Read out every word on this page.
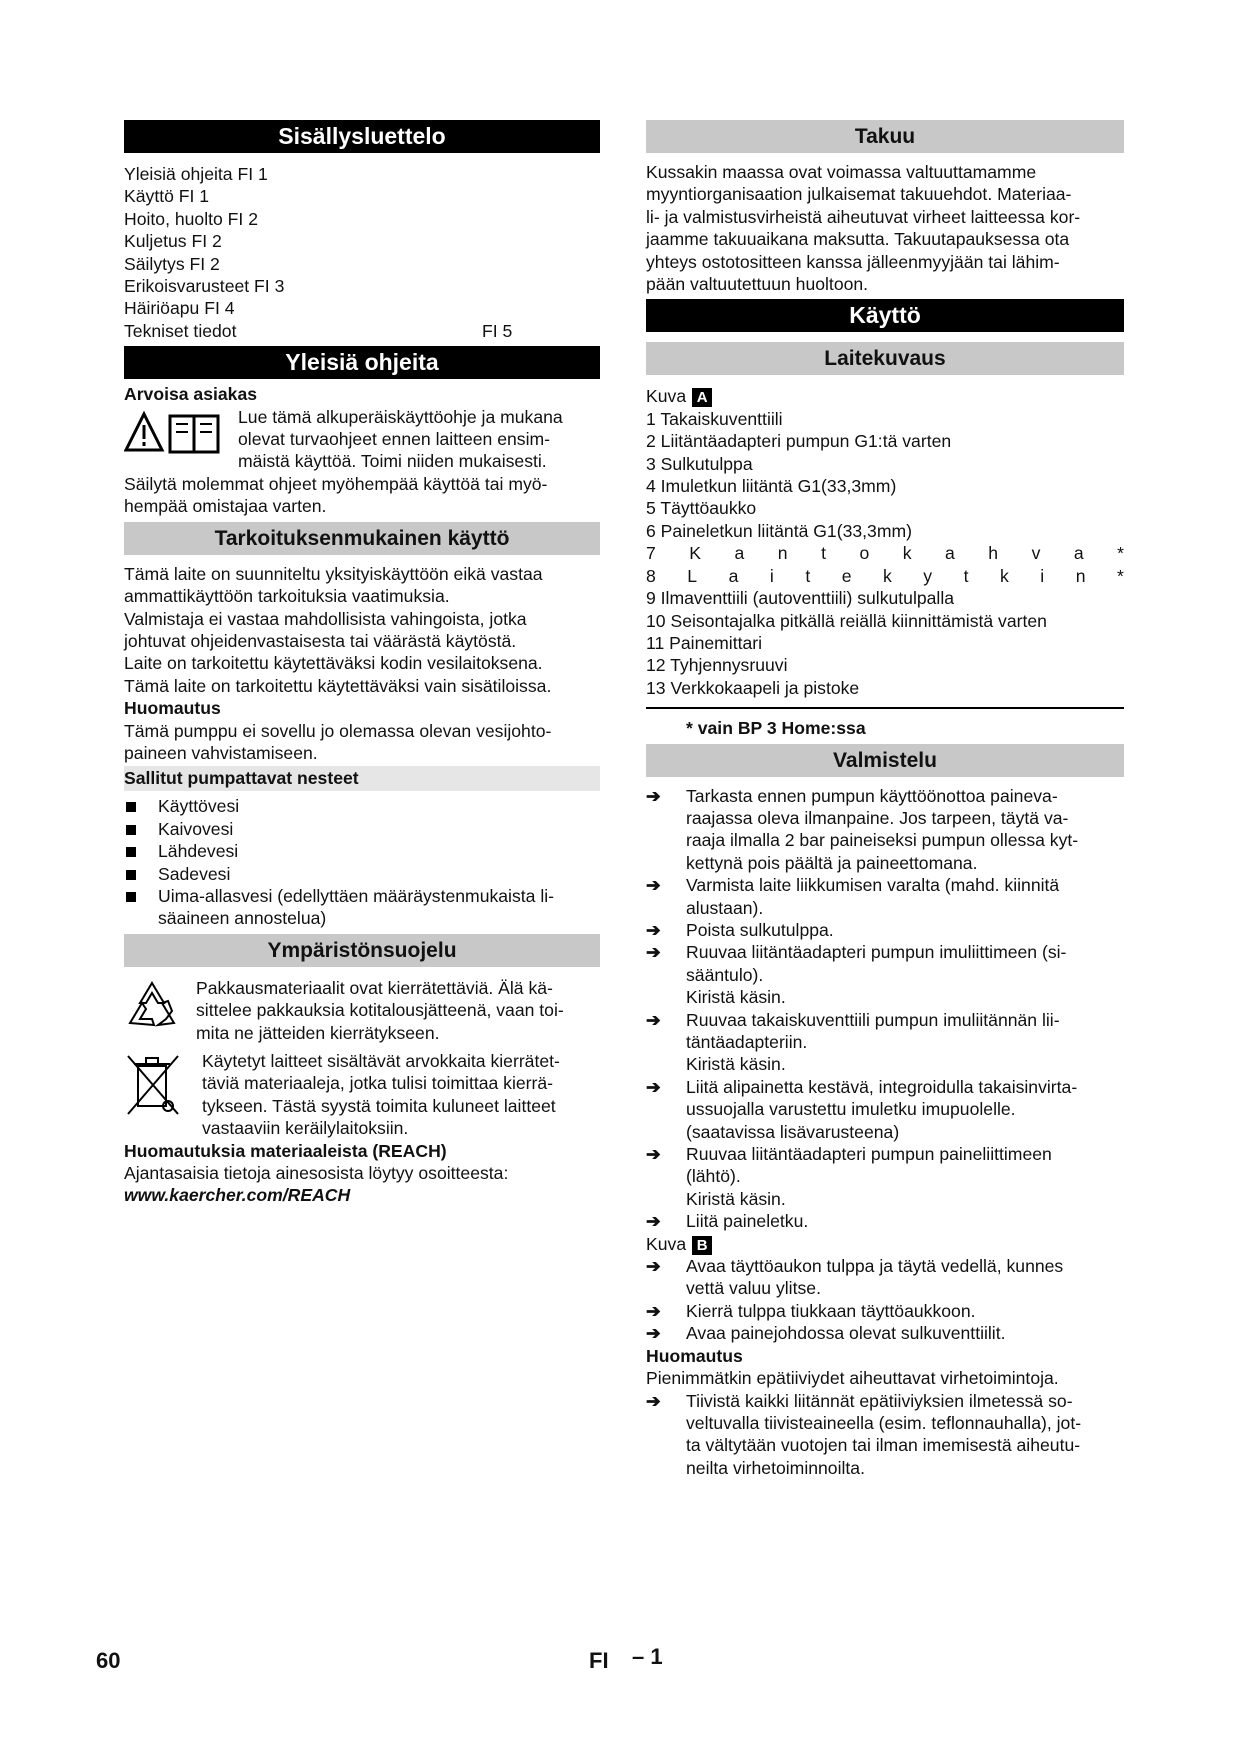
Sisällysluettelo
Yleisiä ohjeita FI 1
Käyttö FI 1
Hoito, huolto FI 2
Kuljetus FI 2
Säilytys FI 2
Erikoisvarusteet FI 3
Häiriöapu FI 4
Tekniset tiedot	FI 5
Yleisiä ohjeita

Arvoisa asiakas

Lue tämä alkuperäiskäyttöohje ja mukana

olevat turvaohjeet ennen laitteen ensim-

mäistä käyttöä. Toimi niiden mukaisesti.

Säilytä molemmat ohjeet myöhempää käyttöä tai myö-

hempää omistajaa varten.

Tarkoituksenmukainen käyttö

Tämä laite on suunniteltu yksityiskäyttöön eikä vastaa

ammattikäyttöön tarkoituksia vaatimuksia.

Valmistaja ei vastaa mahdollisista vahingoista, jotka

johtuvat ohjeidenvastaisesta tai väärästä käytöstä.

Laite on tarkoitettu käytettäväksi kodin vesilaitoksena.

Tämä laite on tarkoitettu käytettäväksi vain sisätiloissa.

Huomautus

Tämä pumppu ei sovellu jo olemassa olevan vesijohto-

paineen vahvistamiseen.

Sallitut pumpattavat nesteet
Käyttövesi
Kaivovesi
Lähdevesi
Sadevesi
Uima-allasvesi (edellyttäen määräystenmukaista li-
säaineen annostelua)
Ympäristönsuojelu

Pakkausmateriaalit ovat kierrätettäviä. Älä kä-

sittelee pakkauksia kotitalousjätteenä, vaan toi-

mita ne jätteiden kierrätykseen.

Käytetyt laitteet sisältävät arvokkaita kierrätet-

täviä materiaaleja, jotka tulisi toimittaa kierrä-

tykseen. Tästä syystä toimita kuluneet laitteet

vastaaviin keräilylaitoksiin.

Huomautuksia materiaaleista (REACH)

Ajantasaisia tietoja ainesosista löytyy osoitteesta:

www.kaercher.com/REACH

Takuu

Kussakin maassa ovat voimassa valtuuttamamme

myyntiorganisaation julkaisemat takuuehdot. Materiaa-

li- ja valmistusvirheistä aiheutuvat virheet laitteessa kor-

jaamme takuuaikana maksutta. Takuutapauksessa ota

yhteys ostotositteen kanssa jälleenmyyjään tai lähim-

pään valtuutettuun huoltoon.

Käyttö
Laitekuvaus

Kuva A

1 Takaiskuventtiili

2 Liitäntäadapteri pumpun G1:tä varten

3 Sulkutulppa

4 Imuletkun liitäntä G1(33,3mm)

5 Täyttöaukko

6 Paineletkun liitäntä G1(33,3mm)

7 K a n t o k a h v a *
8 L a i t e k y t k i n *

9 Ilmaventtiili (autoventtiili) sulkutulpalla

10 Seisontajalka pitkällä reiällä kiinnittämistä varten

11 Painemittari

12 Tyhjennysruuvi

13 Verkkokaapeli ja pistoke

* vain BP 3 Home:ssa

Valmistelu
➔	Tarkasta ennen pumpun käyttöönottoa paineva-
raajassa oleva ilmanpaine. Jos tarpeen, täytä va-
raaja ilmalla 2 bar paineiseksi pumpun ollessa kyt-
kettynä pois päältä ja paineettomana.
➔	Varmista laite liikkumisen varalta (mahd. kiinnitä
alustaan).
➔	Poista sulkutulppa.
➔	Ruuvaa liitäntäadapteri pumpun imuliittimeen (si-
sääntulo).
Kiristä käsin.
➔	Ruuvaa takaiskuventtiili pumpun imuliitännän lii-
täntäadapteriin.
Kiristä käsin.
➔	Liitä alipainetta kestävä, integroidulla takaisinvirta-
ussuojalla varustettu imuletku imupuolelle.
(saatavissa lisävarusteena)
➔	Ruuvaa liitäntäadapteri pumpun paineliittimeen
(lähtö).
Kiristä käsin.
➔	Liitä paineletku.

Kuva B

➔	Avaa täyttöaukon tulppa ja täytä vedellä, kunnes
vettä valuu ylitse.
➔	Kierrä tulppa tiukkaan täyttöaukkoon.
➔	Avaa painejohdossa olevat sulkuventtiilit.

Huomautus

Pienimmätkin epätiiviydet aiheuttavat virhetoimintoja.

➔	Tiivistä kaikki liitännät epätiiviyksien ilmetessä so-
veltuvalla tiivisteaineella (esim. teflonnauhalla), jot-
ta vältytään vuotojen tai ilman imemisestä aiheutu-
neilta virhetoiminnoilta.
60	FI – 1
